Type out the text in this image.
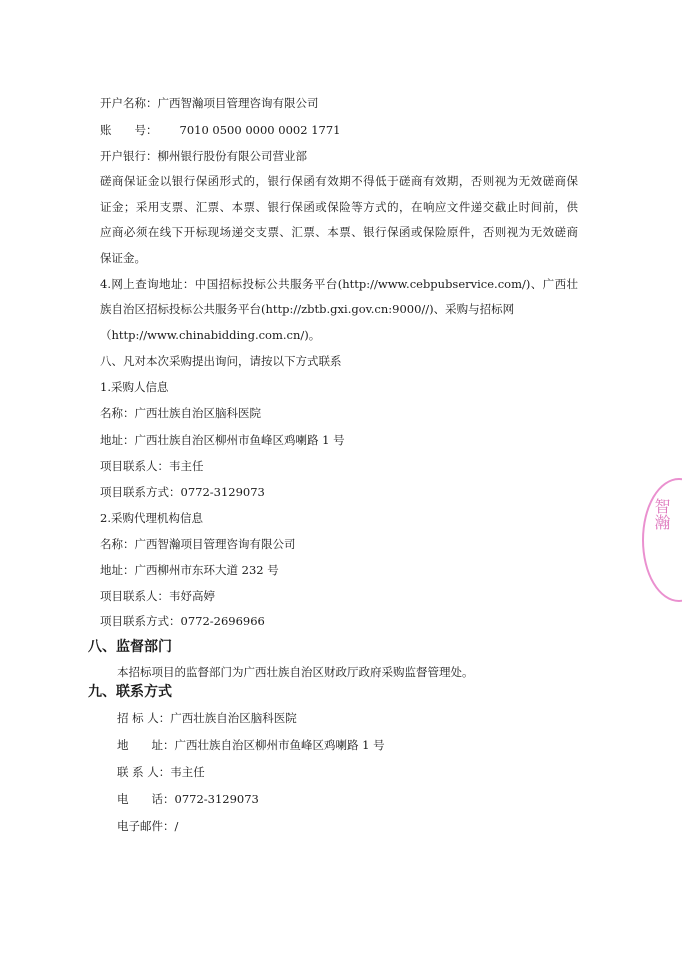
开户名称：广西智瀚项目管理咨询有限公司
账　　号： 7010 0500 0000 0002 1771
开户银行：柳州银行股份有限公司营业部
磋商保证金以银行保函形式的，银行保函有效期不得低于磋商有效期，否则视为无效磋商保
证金；采用支票、汇票、本票、银行保函或保险等方式的，在响应文件递交截止时间前，供
应商必须在线下开标现场递交支票、汇票、本票、银行保函或保险原件，否则视为无效磋商
保证金。
4.网上查询地址：中国招标投标公共服务平台(http://www.cebpubservice.com/)、广西壮
族自治区招标投标公共服务平台(http://zbtb.gxi.gov.cn:9000//)、采购与招标网
（http://www.chinabidding.com.cn/)。
八、凡对本次采购提出询问，请按以下方式联系
1.采购人信息
名称：广西壮族自治区脑科医院
地址：广西壮族自治区柳州市鱼峰区鸡喇路 1 号
项目联系人：韦主任
项目联系方式：0772-3129073
2.采购代理机构信息
名称：广西智瀚项目管理咨询有限公司
地址：广西柳州市东环大道 232 号
项目联系人：韦妤高婷
项目联系方式：0772-2696966
八、监督部门
本招标项目的监督部门为广西壮族自治区财政厅政府采购监督管理处。
九、联系方式
招 标 人：广西壮族自治区脑科医院
地　　址：广西壮族自治区柳州市鱼峰区鸡喇路 1 号
联 系 人：韦主任
电　　话：0772-3129073
电子邮件：/
智瀚
